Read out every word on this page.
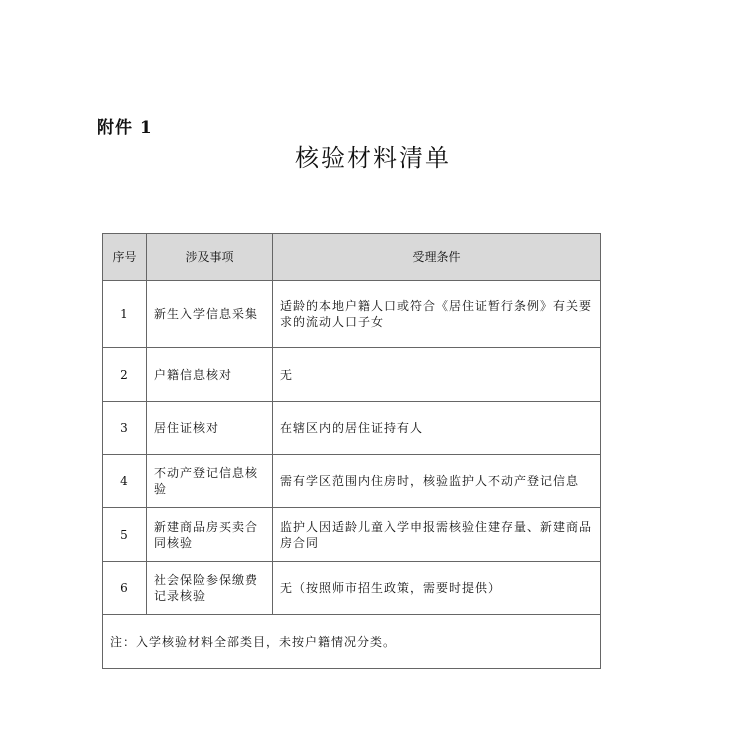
附件 1
核验材料清单
序号	涉及事项	受理条件
1	新生入学信息采集	适龄的本地户籍人口或符合《居住证暂行条例》有关要求的流动人口子女
2	户籍信息核对	无
3	居住证核对	在辖区内的居住证持有人
4	不动产登记信息核验	需有学区范围内住房时，核验监护人不动产登记信息
5	新建商品房买卖合同核验	监护人因适龄儿童入学申报需核验住建存量、新建商品房合同
6	社会保险参保缴费记录核验	无（按照师市招生政策，需要时提供）
注：入学核验材料全部类目，未按户籍情况分类。		
